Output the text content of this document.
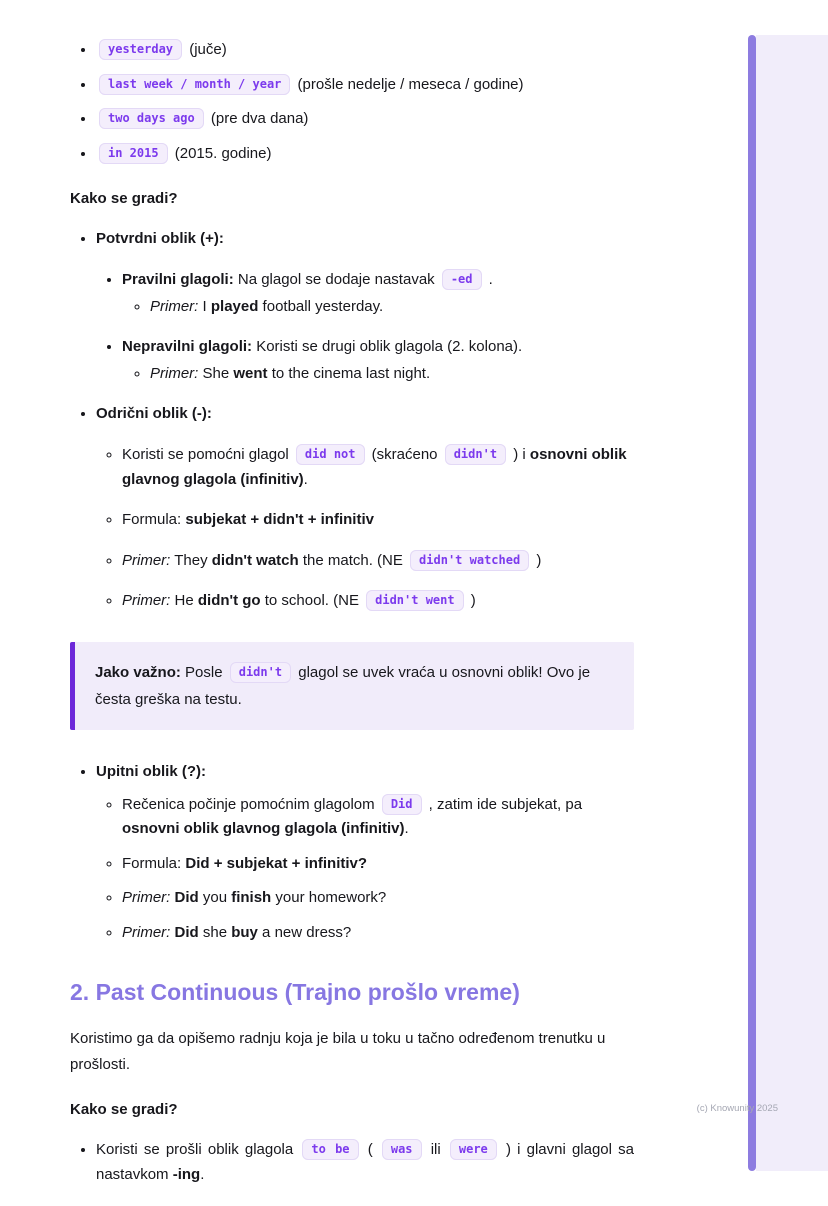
• yesterday (juče)
• last week / month / year (prošle nedelje / meseca / godine)
• two days ago (pre dva dana)
• in 2015 (2015. godine)
Kako se gradi?
• Potvrdni oblik (+):
• Pravilni glagoli: Na glagol se dodaje nastavak -ed .
◦ Primer: I played football yesterday.
• Nepravilni glagoli: Koristi se drugi oblik glagola (2. kolona).
◦ Primer: She went to the cinema last night.
• Odrični oblik (-):
◦ Koristi se pomoćni glagol did not (skraćeno didn't ) i osnovni oblik glavnog glagola (infinitiv).
◦ Formula: subjekat + didn't + infinitiv
◦ Primer: They didn't watch the match. (NE didn't watched )
◦ Primer: He didn't go to school. (NE didn't went )
Jako važno: Posle didn't glagol se uvek vraća u osnovni oblik! Ovo je česta greška na testu.
• Upitni oblik (?):
◦ Rečenica počinje pomoćnim glagolom Did , zatim ide subjekat, pa osnovni oblik glavnog glagola (infinitiv).
◦ Formula: Did + subjekat + infinitiv?
◦ Primer: Did you finish your homework?
◦ Primer: Did she buy a new dress?
2. Past Continuous (Trajno prošlo vreme)
Koristimo ga da opišemo radnju koja je bila u toku u tačno određenom trenutku u prošlosti.
Kako se gradi?
• Koristi se prošli oblik glagola to be ( was ili were ) i glavni glagol sa nastavkom -ing.
(c) Knowunity 2025
